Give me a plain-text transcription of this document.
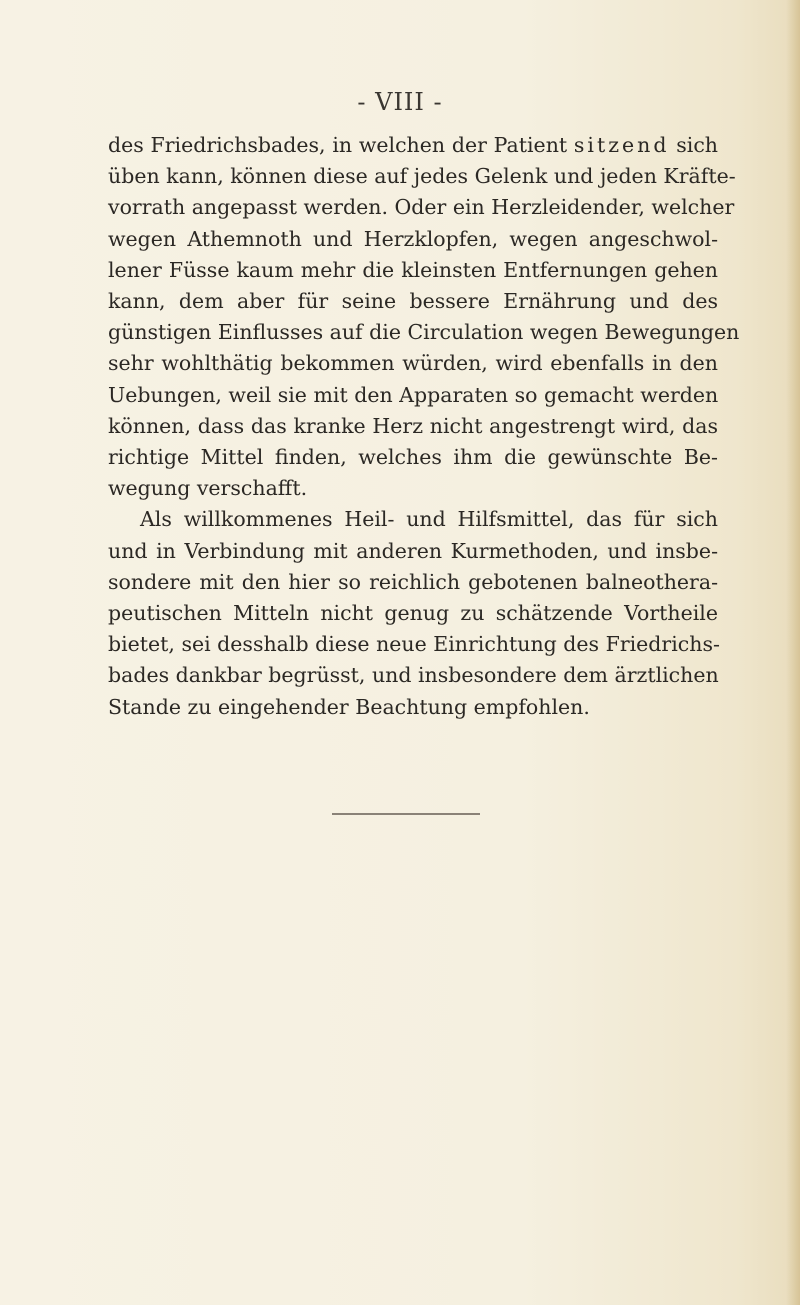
- VIII -
des Friedrichsbades, in welchen der Patient sitzend sich
üben kann, können diese auf jedes Gelenk und jeden Kräfte-
vorrath angepasst werden. Oder ein Herzleidender, welcher
wegen Athemnoth und Herzklopfen, wegen angeschwol-
lener Füsse kaum mehr die kleinsten Entfernungen gehen
kann, dem aber für seine bessere Ernährung und des
günstigen Einflusses auf die Circulation wegen Bewegungen
sehr wohlthätig bekommen würden, wird ebenfalls in den
Uebungen, weil sie mit den Apparaten so gemacht werden
können, dass das kranke Herz nicht angestrengt wird, das
richtige Mittel finden, welches ihm die gewünschte Be-
wegung verschafft.
Als willkommenes Heil- und Hilfsmittel, das für sich
und in Verbindung mit anderen Kurmethoden, und insbe-
sondere mit den hier so reichlich gebotenen balneothera-
peutischen Mitteln nicht genug zu schätzende Vortheile
bietet, sei desshalb diese neue Einrichtung des Friedrichs-
bades dankbar begrüsst, und insbesondere dem ärztlichen
Stande zu eingehender Beachtung empfohlen.
